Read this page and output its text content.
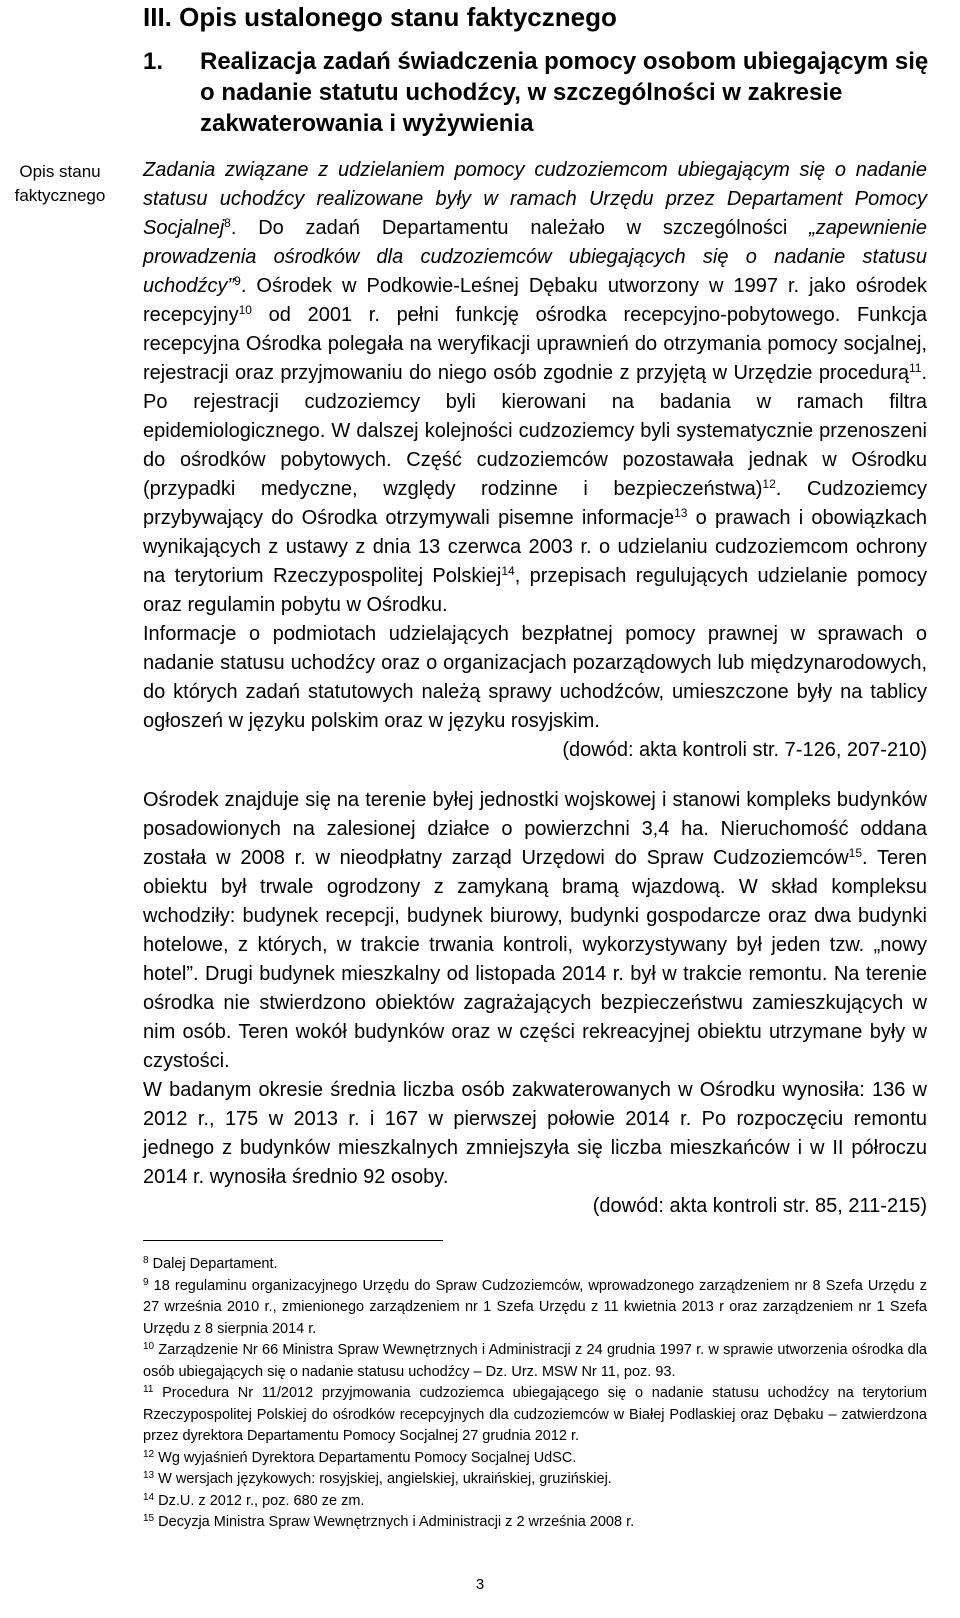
III. Opis ustalonego stanu faktycznego
1. Realizacja zadań świadczenia pomocy osobom ubiegającym się o nadanie statutu uchodźcy, w szczególności w zakresie zakwaterowania i wyżywienia
Opis stanu faktycznego

Zadania związane z udzielaniem pomocy cudzoziemcom ubiegającym się o nadanie statusu uchodźcy realizowane były w ramach Urzędu przez Departament Pomocy Socjalnej$^8$. Do zadań Departamentu należało w szczególności „zapewnienie prowadzenia ośrodków dla cudzoziemców ubiegających się o nadanie statusu uchodźcy”$^9$. Ośrodek w Podkowie-Leśnej Dębaku utworzony w 1997 r. jako ośrodek recepcyjny$^{10}$ od 2001 r. pełni funkcję ośrodka recepcyjno-pobytowego. Funkcja recepcyjna Ośrodka polegała na weryfikacji uprawnień do otrzymania pomocy socjalnej, rejestracji oraz przyjmowaniu do niego osób zgodnie z przyjętą w Urzędzie procedurą$^{11}$. Po rejestracji cudzoziemcy byli kierowani na badania w ramach filtra epidemiologicznego. W dalszej kolejności cudzoziemcy byli systematycznie przenoszeni do ośrodków pobytowych. Część cudzoziemców pozostawała jednak w Ośrodku (przypadki medyczne, względy rodzinne i bezpieczeństwa)$^{12}$. Cudzoziemcy przybywający do Ośrodka otrzymywali pisemne informacje$^{13}$ o prawach i obowiązkach wynikających z ustawy z dnia 13 czerwca 2003 r. o udzielaniu cudzoziemcom ochrony na terytorium Rzeczypospolitej Polskiej$^{14}$, przepisach regulujących udzielanie pomocy oraz regulamin pobytu w Ośrodku.

Informacje o podmiotach udzielających bezpłatnej pomocy prawnej w sprawach o nadanie statusu uchodźcy oraz o organizacjach pozarządowych lub międzynarodowych, do których zadań statutowych należą sprawy uchodźców, umieszczone były na tablicy ogłoszeń w języku polskim oraz w języku rosyjskim.

(dowód: akta kontroli str. 7-126, 207-210)

Ośrodek znajduje się na terenie byłej jednostki wojskowej i stanowi kompleks budynków posadowionych na zalesionej działce o powierzchni 3,4 ha. Nieruchomość oddana została w 2008 r. w nieodpłatny zarząd Urzędowi do Spraw Cudzoziemców$^{15}$. Teren obiektu był trwale ogrodzony z zamykaną bramą wjazdową. W skład kompleksu wchodziły: budynek recepcji, budynek biurowy, budynki gospodarcze oraz dwa budynki hotelowe, z których, w trakcie trwania kontroli, wykorzystywany był jeden tzw. „nowy hotel”. Drugi budynek mieszkalny od listopada 2014 r. był w trakcie remontu. Na terenie ośrodka nie stwierdzono obiektów zagrażających bezpieczeństwu zamieszkujących w nim osób. Teren wokół budynków oraz w części rekreacyjnej obiektu utrzymane były w czystości.

W badanym okresie średnia liczba osób zakwaterowanych w Ośrodku wynosiła: 136 w 2012 r., 175 w 2013 r. i 167 w pierwszej połowie 2014 r. Po rozpoczęciu remontu jednego z budynków mieszkalnych zmniejszyła się liczba mieszkańców i w II półroczu 2014 r. wynosiła średnio 92 osoby.

(dowód: akta kontroli str. 85, 211-215)

$^8$ Dalej Departament.

$^9$ 18 regulaminu organizacyjnego Urzędu do Spraw Cudzoziemców, wprowadzonego zarządzeniem nr 8 Szefa Urzędu z 27 września 2010 r., zmienionego zarządzeniem nr 1 Szefa Urzędu z 11 kwietnia 2013 r oraz zarządzeniem nr 1 Szefa Urzędu z 8 sierpnia 2014 r.

$^{10}$ Zarządzenie Nr 66 Ministra Spraw Wewnętrznych i Administracji z 24 grudnia 1997 r. w sprawie utworzenia ośrodka dla osób ubiegających się o nadanie statusu uchodźcy – Dz. Urz. MSW Nr 11, poz. 93.

$^{11}$ Procedura Nr 11/2012 przyjmowania cudzoziemca ubiegającego się o nadanie statusu uchodźcy na terytorium Rzeczypospolitej Polskiej do ośrodków recepcyjnych dla cudzoziemców w Białej Podlaskiej oraz Dębaku – zatwierdzona przez dyrektora Departamentu Pomocy Socjalnej 27 grudnia 2012 r.

$^{12}$ Wg wyjaśnień Dyrektora Departamentu Pomocy Socjalnej UdSC.

$^{13}$ W wersjach językowych: rosyjskiej, angielskiej, ukraińskiej, gruzińskiej.

$^{14}$ Dz.U. z 2012 r., poz. 680 ze zm.

$^{15}$ Decyzja Ministra Spraw Wewnętrznych i Administracji z 2 września 2008 r.

3
